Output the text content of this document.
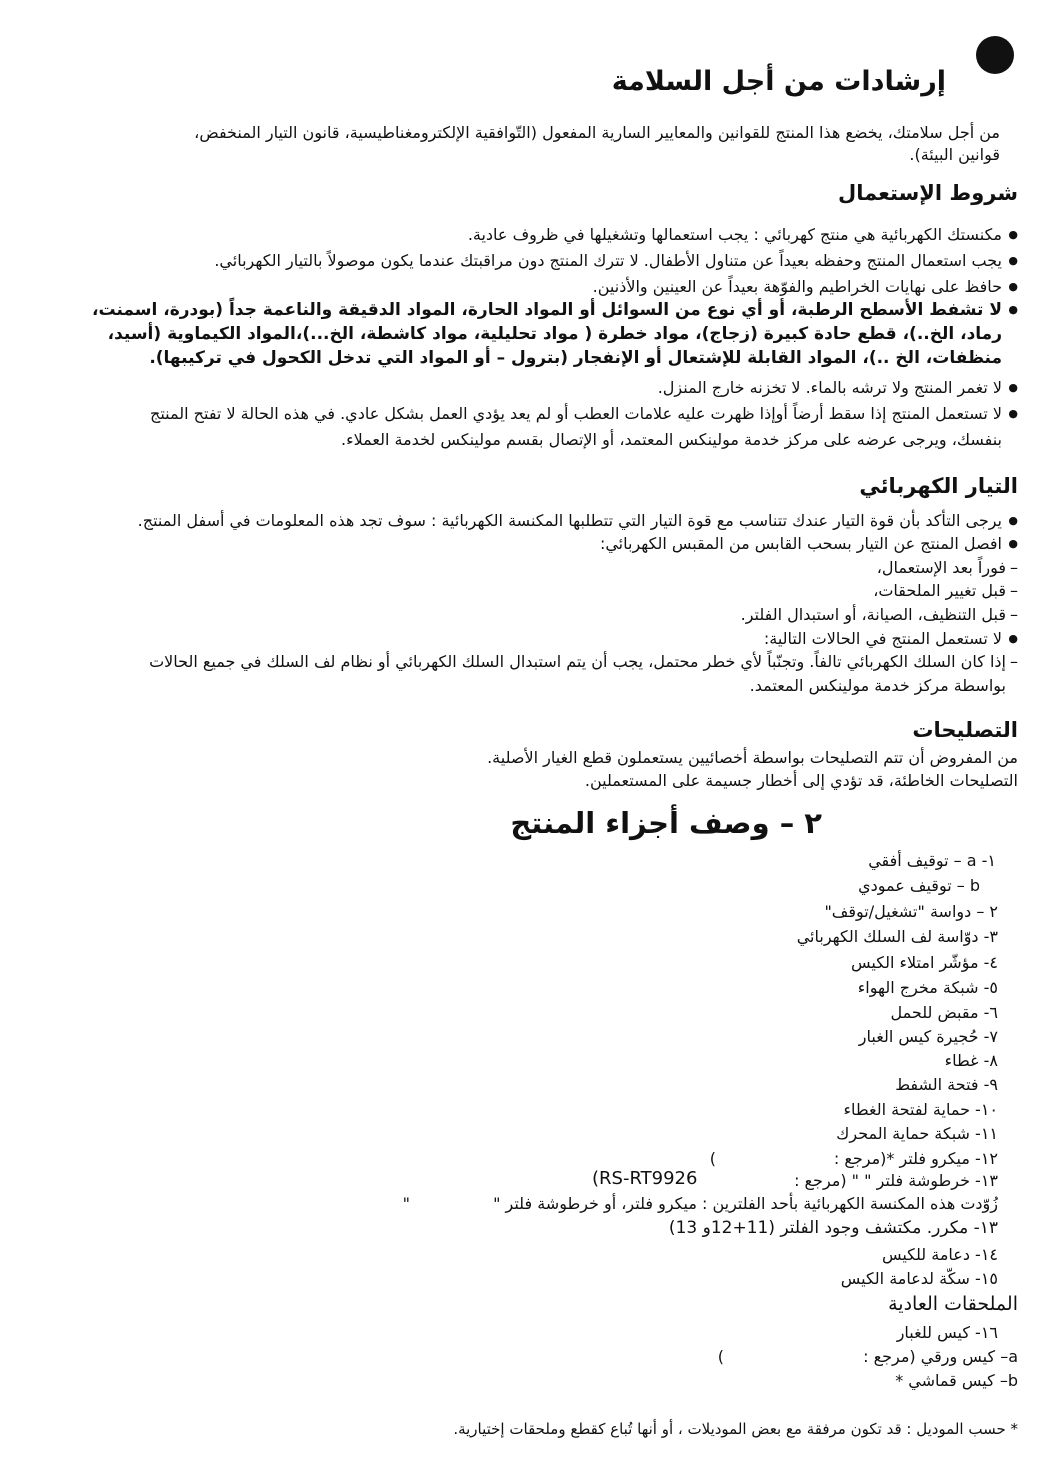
إرشادات من أجل السلامة
من أجل سلامتك، يخضع هذا المنتج للقوانين والمعايير السارية المفعول (التّوافقية الإلكترومغناطيسية، قانون التيار المنخفض،
قوانين البيئة).
شروط الإستعمال
● مكنستك الكهربائية هي منتج كهربائي : يجب استعمالها وتشغيلها في ظروف عادية.
● يجب استعمال المنتج وحفظه بعيداً عن متناول الأطفال. لا تترك المنتج دون مراقبتك عندما يكون موصولاً بالتيار الكهربائي.
● حافظ على نهايات الخراطيم والفوّهة بعيداً عن العينين والأذنين.
● لا تشفط الأسطح الرطبة، أو أي نوع من السوائل أو المواد الحارة، المواد الدقيقة والناعمة جداً (بودرة، اسمنت،
رماد، الخ..)، قطع حادة كبيرة (زجاج)، مواد خطرة ( مواد تحليلية، مواد كاشطة، الخ...)،المواد الكيماوية (أسيد،
منظفات، الخ ..)، المواد القابلة للإشتعال أو الإنفجار (بترول – أو المواد التي تدخل الكحول في تركيبها).
● لا تغمر المنتج ولا ترشه بالماء. لا تخزنه خارج المنزل.
● لا تستعمل المنتج إذا سقط أرضاً أوإذا ظهرت عليه علامات العطب أو لم يعد يؤدي العمل بشكل عادي. في هذه الحالة لا تفتح المنتج
بنفسك، ويرجى عرضه على مركز خدمة مولينكس المعتمد، أو الإتصال بقسم مولينكس لخدمة العملاء.
التيار الكهربائي
● يرجى التأكد بأن قوة التيار عندك تتناسب مع قوة التيار التي تتطلبها المكنسة الكهربائية : سوف تجد هذه المعلومات في أسفل المنتج.
● افصل المنتج عن التيار بسحب القابس من المقبس الكهربائي:
– فوراً بعد الإستعمال،
– قبل تغيير الملحقات،
– قبل التنظيف، الصيانة، أو استبدال الفلتر.
● لا تستعمل المنتج في الحالات التالية:
– إذا كان السلك الكهربائي تالفاً. وتجنّباً لأي خطر محتمل، يجب أن يتم استبدال السلك الكهربائي أو نظام لف السلك في جميع الحالات
بواسطة مركز خدمة مولينكس المعتمد.
التصليحات
من المفروض أن تتم التصليحات بواسطة أخصائيين يستعملون قطع الغيار الأصلية.
التصليحات الخاطئة، قد تؤدي إلى أخطار جسيمة على المستعملين.
٢ – وصف أجزاء المنتج
١- a – توقيف أفقي
b – توقيف عمودي
٢ – دواسة "تشغيل/توقف"
٣- دوّاسة لف السلك الكهربائي
٤- مؤشّر امتلاء الكيس
٥- شبكة مخرج الهواء
٦- مقبض للحمل
٧- حُجيرة كيس الغبار
٨- غطاء
٩- فتحة الشفط
١٠- حماية لفتحة الغطاء
١١- شبكة حماية المحرك
١٢- ميكرو فلتر *(مرجع :
)
١٣- خرطوشة فلتر " " (مرجع :
(RS-RT9926
زُوّدت هذه المكنسة الكهربائية بأحد الفلترين : ميكرو فلتر، أو خرطوشة فلتر "
"
١٣- مكرر. مكتشف وجود الفلتر (11+12و 13)
١٤- دعامة للكيس
١٥- سكّة لدعامة الكيس
الملحقات العادية
١٦- كيس للغبار
a– كيس ورقي (مرجع :
)
b– كيس قماشي *
* حسب الموديل : قد تكون مرفقة مع بعض الموديلات ، أو أنها تُباع كقطع وملحقات إختيارية.
